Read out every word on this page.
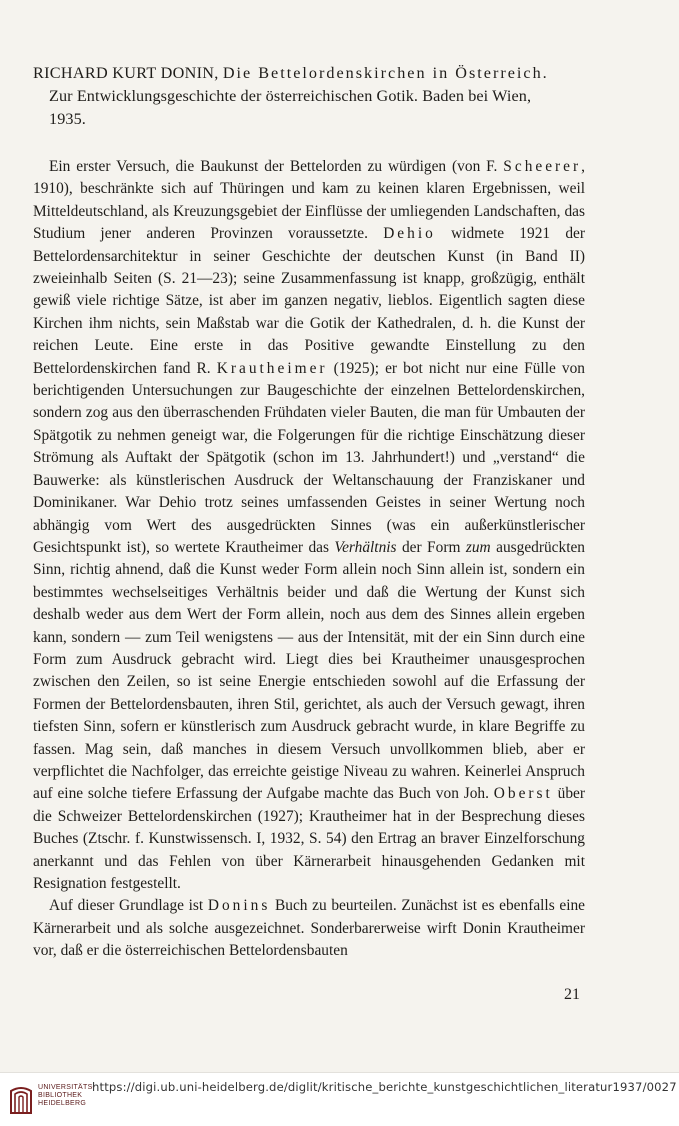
RICHARD KURT DONIN, Die Bettelordenskirchen in Österreich.
Zur Entwicklungsgeschichte der österreichischen Gotik. Baden bei Wien,
1935.

Ein erster Versuch, die Baukunst der Bettelorden zu würdigen (von F. Scheerer, 1910), beschränkte sich auf Thüringen und kam zu keinen klaren Ergebnissen, weil Mitteldeutschland, als Kreuzungsgebiet der Einflüsse der umliegenden Landschaften, das Studium jener anderen Provinzen voraussetzte. Dehio widmete 1921 der Bettelordensarchitektur in seiner Geschichte der deutschen Kunst (in Band II) zweieinhalb Seiten (S. 21—23); seine Zusammenfassung ist knapp, großzügig, enthält gewiß viele richtige Sätze, ist aber im ganzen negativ, lieblos. Eigentlich sagten diese Kirchen ihm nichts, sein Maßstab war die Gotik der Kathedralen, d. h. die Kunst der reichen Leute. Eine erste in das Positive gewandte Einstellung zu den Bettelordenskirchen fand R. Krautheimer (1925); er bot nicht nur eine Fülle von berichtigenden Untersuchungen zur Baugeschichte der einzelnen Bettelordenskirchen, sondern zog aus den überraschenden Frühdaten vieler Bauten, die man für Umbauten der Spätgotik zu nehmen geneigt war, die Folgerungen für die richtige Einschätzung dieser Strömung als Auftakt der Spätgotik (schon im 13. Jahrhundert!) und „verstand“ die Bauwerke: als künstlerischen Ausdruck der Weltanschauung der Franziskaner und Dominikaner. War Dehio trotz seines umfassenden Geistes in seiner Wertung noch abhängig vom Wert des ausgedrückten Sinnes (was ein außerkünstlerischer Gesichtspunkt ist), so wertete Krautheimer das Verhältnis der Form zum ausgedrückten Sinn, richtig ahnend, daß die Kunst weder Form allein noch Sinn allein ist, sondern ein bestimmtes wechselseitiges Verhältnis beider und daß die Wertung der Kunst sich deshalb weder aus dem Wert der Form allein, noch aus dem des Sinnes allein ergeben kann, sondern — zum Teil wenigstens — aus der Intensität, mit der ein Sinn durch eine Form zum Ausdruck gebracht wird. Liegt dies bei Krautheimer unausgesprochen zwischen den Zeilen, so ist seine Energie entschieden sowohl auf die Erfassung der Formen der Bettelordensbauten, ihren Stil, gerichtet, als auch der Versuch gewagt, ihren tiefsten Sinn, sofern er künstlerisch zum Ausdruck gebracht wurde, in klare Begriffe zu fassen. Mag sein, daß manches in diesem Versuch unvollkommen blieb, aber er verpflichtet die Nachfolger, das erreichte geistige Niveau zu wahren. Keinerlei Anspruch auf eine solche tiefere Erfassung der Aufgabe machte das Buch von Joh. Oberst über die Schweizer Bettelordenskirchen (1927); Krautheimer hat in der Besprechung dieses Buches (Ztschr. f. Kunstwissensch. I, 1932, S. 54) den Ertrag an braver Einzelforschung anerkannt und das Fehlen von über Kärnerarbeit hinausgehenden Gedanken mit Resignation festgestellt.

Auf dieser Grundlage ist Donins Buch zu beurteilen. Zunächst ist es ebenfalls eine Kärnerarbeit und als solche ausgezeichnet. Sonderbarerweise wirft Donin Krautheimer vor, daß er die österreichischen Bettelordensbauten

21
UNIVERSITÄTS-
BIBLIOTHEK
HEIDELBERG
https://digi.ub.uni-heidelberg.de/diglit/kritische_berichte_kunstgeschichtlichen_literatur1937/0027
